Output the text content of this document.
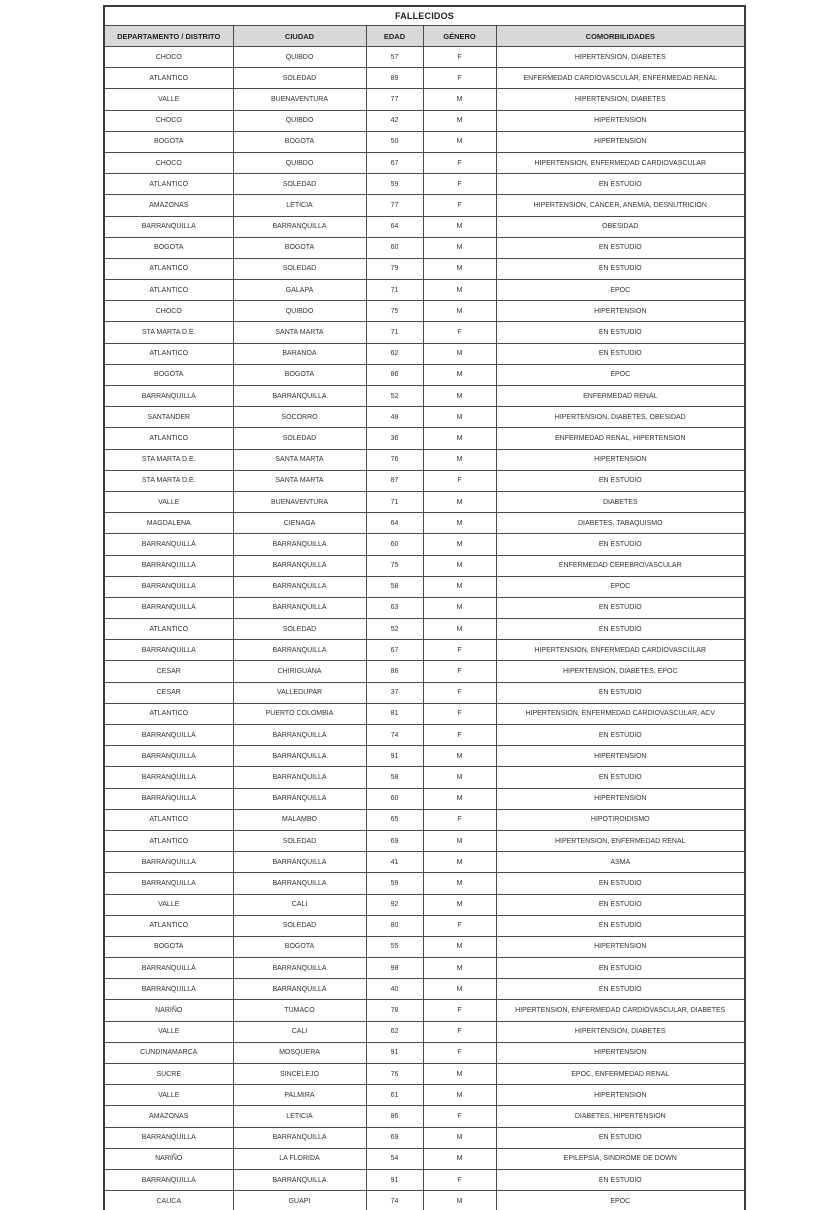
FALLECIDOS				
DEPARTAMENTO / DISTRITO	CIUDAD	EDAD	GÉNERO	COMORBILIDADES
CHOCO	QUIBDO	57	F	HIPERTENSION, DIABETES
ATLANTICO	SOLEDAD	89	F	ENFERMEDAD CARDIOVASCULAR, ENFERMEDAD RENAL
VALLE	BUENAVENTURA	77	M	HIPERTENSION, DIABETES
CHOCO	QUIBDO	42	M	HIPERTENSION
BOGOTA	BOGOTA	50	M	HIPERTENSION
CHOCO	QUIBDO	67	F	HIPERTENSION, ENFERMEDAD CARDIOVASCULAR
ATLANTICO	SOLEDAD	59	F	EN ESTUDIO
AMAZONAS	LETICIA	77	F	HIPERTENSION, CANCER, ANEMIA, DESNUTRICION
BARRANQUILLA	BARRANQUILLA	64	M	OBESIDAD
BOGOTA	BOGOTA	60	M	EN ESTUDIO
ATLANTICO	SOLEDAD	79	M	EN ESTUDIO
ATLANTICO	GALAPA	71	M	EPOC
CHOCO	QUIBDO	75	M	HIPERTENSION
STA MARTA D.E.	SANTA MARTA	71	F	EN ESTUDIO
ATLANTICO	BARANOA	62	M	EN ESTUDIO
BOGOTA	BOGOTA	86	M	EPOC
BARRANQUILLA	BARRANQUILLA	52	M	ENFERMEDAD RENAL
SANTANDER	SOCORRO	48	M	HIPERTENSION, DIABETES, OBESIDAD
ATLANTICO	SOLEDAD	36	M	ENFERMEDAD RENAL, HIPERTENSION
STA MARTA D.E.	SANTA MARTA	76	M	HIPERTENSION
STA MARTA D.E.	SANTA MARTA	87	F	EN ESTUDIO
VALLE	BUENAVENTURA	71	M	DIABETES
MAGDALENA	CIENAGA	64	M	DIABETES, TABAQUISMO
BARRANQUILLA	BARRANQUILLA	60	M	EN ESTUDIO
BARRANQUILLA	BARRANQUILLA	75	M	ENFERMEDAD CEREBROVASCULAR
BARRANQUILLA	BARRANQUILLA	58	M	EPOC
BARRANQUILLA	BARRANQUILLA	63	M	EN ESTUDIO
ATLANTICO	SOLEDAD	52	M	EN ESTUDIO
BARRANQUILLA	BARRANQUILLA	67	F	HIPERTENSION, ENFERMEDAD CARDIOVASCULAR
CESAR	CHIRIGUANA	86	F	HIPERTENSION, DIABETES, EPOC
CESAR	VALLEDUPAR	37	F	EN ESTUDIO
ATLANTICO	PUERTO COLOMBIA	81	F	HIPERTENSION, ENFERMEDAD CARDIOVASCULAR, ACV
BARRANQUILLA	BARRANQUILLA	74	F	EN ESTUDIO
BARRANQUILLA	BARRANQUILLA	91	M	HIPERTENSION
BARRANQUILLA	BARRANQUILLA	58	M	EN ESTUDIO
BARRANQUILLA	BARRANQUILLA	60	M	HIPERTENSION
ATLANTICO	MALAMBO	65	F	HIPOTIROIDISMO
ATLANTICO	SOLEDAD	69	M	HIPERTENSION, ENFERMEDAD RENAL
BARRANQUILLA	BARRANQUILLA	41	M	ASMA
BARRANQUILLA	BARRANQUILLA	59	M	EN ESTUDIO
VALLE	CALI	92	M	EN ESTUDIO
ATLANTICO	SOLEDAD	80	F	EN ESTUDIO
BOGOTA	BOGOTA	55	M	HIPERTENSION
BARRANQUILLA	BARRANQUILLA	98	M	EN ESTUDIO
BARRANQUILLA	BARRANQUILLA	40	M	EN ESTUDIO
NARIÑO	TUMACO	78	F	HIPERTENSION, ENFERMEDAD CARDIOVASCULAR, DIABETES
VALLE	CALI	62	F	HIPERTENSION, DIABETES
CUNDINAMARCA	MOSQUERA	91	F	HIPERTENSION
SUCRE	SINCELEJO	76	M	EPOC, ENFERMEDAD RENAL
VALLE	PALMIRA	61	M	HIPERTENSION
AMAZONAS	LETICIA	86	F	DIABETES, HIPERTENSION
BARRANQUILLA	BARRANQUILLA	69	M	EN ESTUDIO
NARIÑO	LA FLORIDA	54	M	EPILEPSIA, SINDROME DE DOWN
BARRANQUILLA	BARRANQUILLA	91	F	EN ESTUDIO
CAUCA	GUAPI	74	M	EPOC
